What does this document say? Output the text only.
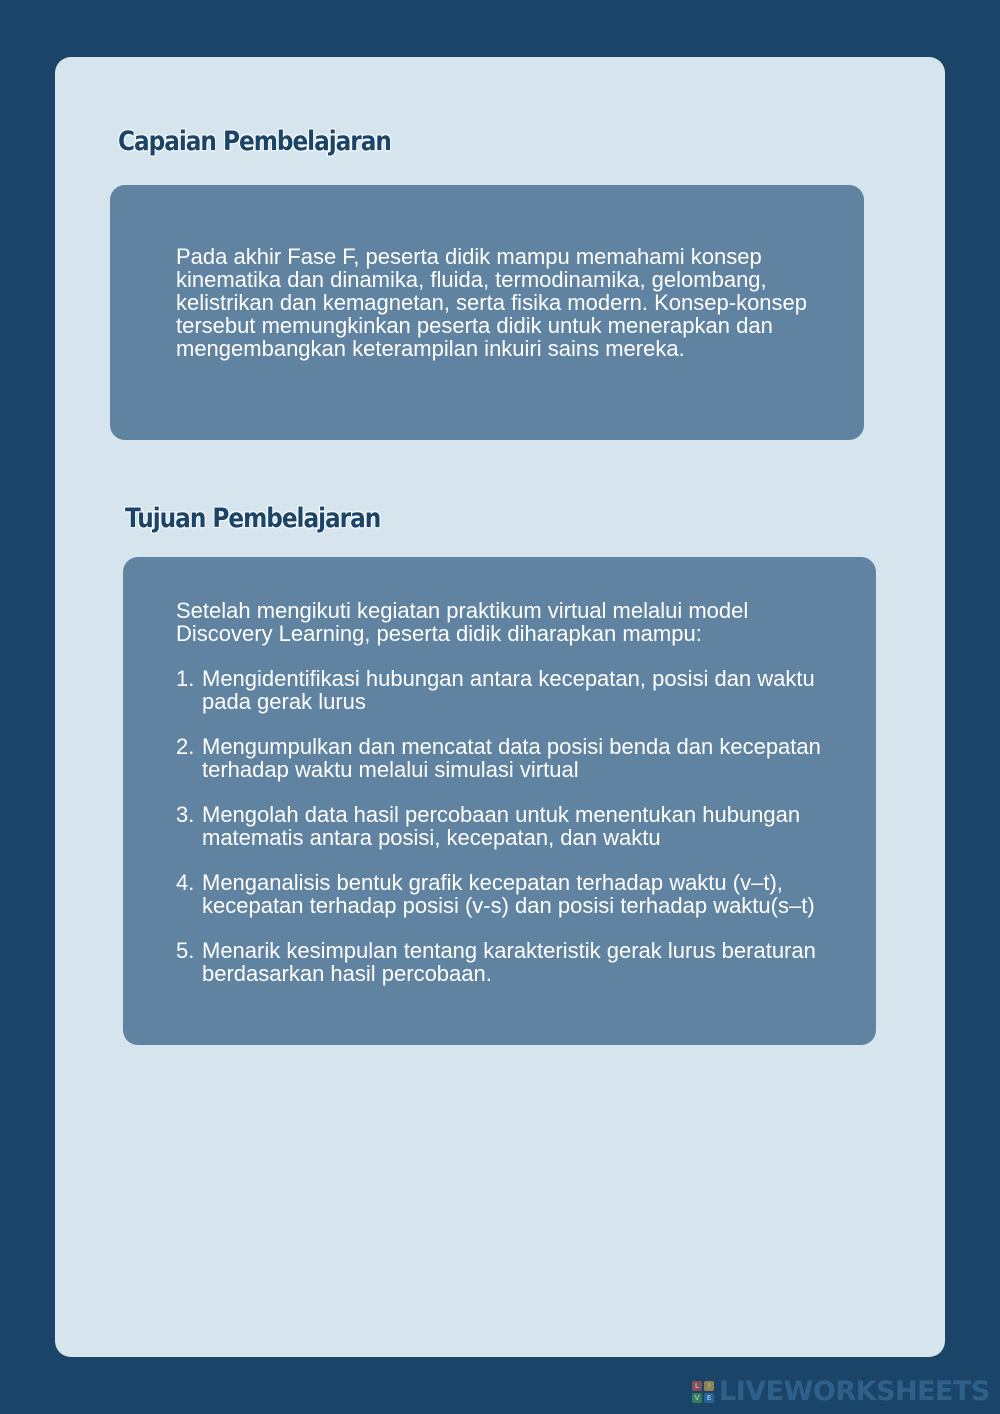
Capaian Pembelajaran

Pada akhir Fase F, peserta didik mampu memahami konsep kinematika dan dinamika, fluida, termodinamika, gelombang, kelistrikan dan kemagnetan, serta fisika modern. Konsep-konsep tersebut memungkinkan peserta didik untuk menerapkan dan mengembangkan keterampilan inkuiri sains mereka.

Tujuan Pembelajaran

Setelah mengikuti kegiatan praktikum virtual melalui model Discovery Learning, peserta didik diharapkan mampu:

1. Mengidentifikasi hubungan antara kecepatan, posisi dan waktu pada gerak lurus
2. Mengumpulkan dan mencatat data posisi benda dan kecepatan terhadap waktu melalui simulasi virtual
3. Mengolah data hasil percobaan untuk menentukan hubungan matematis antara posisi, kecepatan, dan waktu
4. Menganalisis bentuk grafik kecepatan terhadap waktu (v–t), kecepatan terhadap posisi (v-s) dan posisi terhadap waktu(s–t)
5. Menarik kesimpulan tentang karakteristik gerak lurus beraturan berdasarkan hasil percobaan.
L	I
V E LIVEWORKSHEETS
